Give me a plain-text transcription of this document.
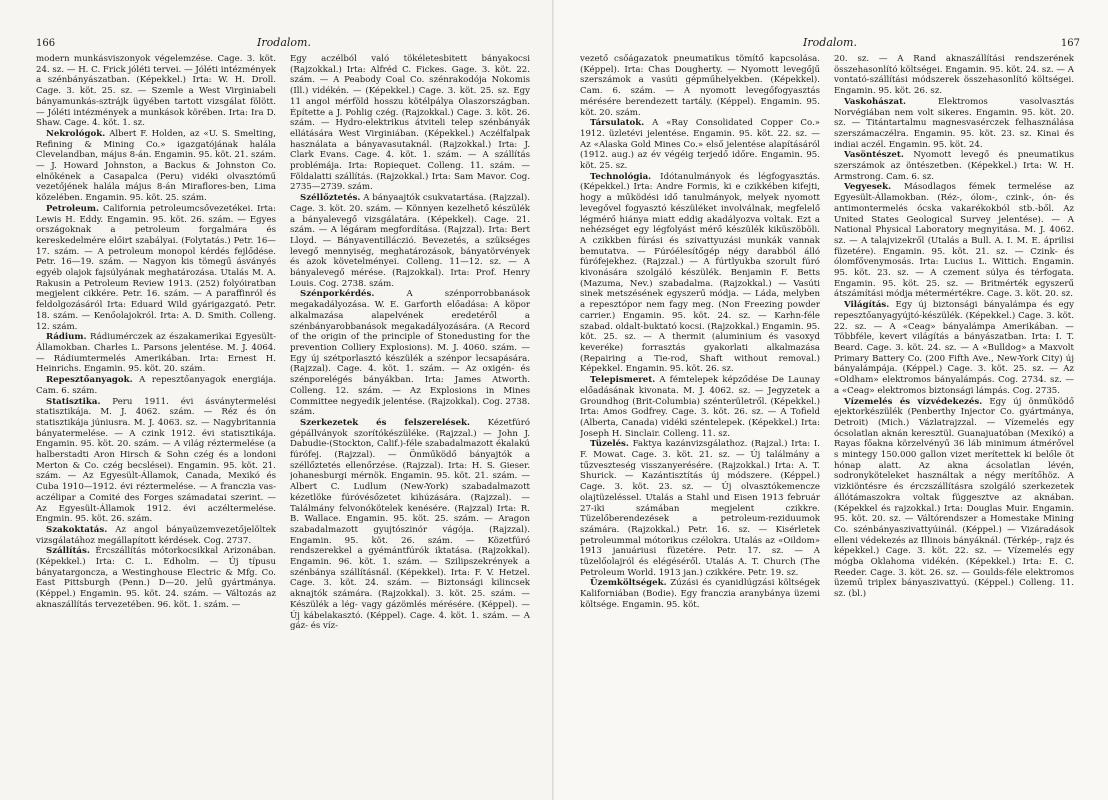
166	Irodalom.

modern munkásviszonyok végelemzése. Cage. 3. köt. 24. sz. — H. C. Frick jóléti tervei. — Jóléti intézmények a szénbányászatban. (Képekkel.) Irta: W. H. Droll. Cage. 3. köt. 25. sz. — Szemle a West Virginiabeli bányamunkás-sztrájk ügyében tartott vizsgálat fölött. — Jóléti intézmények a munkások körében. Irta: Ira D. Shaw. Cage. 4. köt. 1. sz.

Nekrológok. Albert F. Holden, az «U. S. Smelting, Refining & Mining Co.» igazgatójának halála Clevelandban, május 8-án. Engamin. 95. köt. 21. szám. — J. Howard Johnston, a Backus & Johnston Co. elnökének a Casapalca (Peru) vidéki olvasztómű vezetőjének halála május 8-án Miraflores-ben, Lima közelében. Engamin. 95. köt. 25. szám.

Petroleum. California petroleumcsővezetékei. Irta: Lewis H. Eddy. Engamin. 95. köt. 26. szám. — Egyes országoknak a petroleum forgalmára és kereskedelmére előirt szabályai. (Folytatás.) Petr. 16—17. szám. — A petroleum monopol kérdés fejlődése. Petr. 16—19. szám. — Nagyon kis tömegű ásványés egyéb olajok fajsúlyának meghatározása. Utalás M. A. Rakusin a Petroleum Review 1913. (252) folyóiratban megjelent cikkére. Petr. 16. szám. — A paraffinról és feldolgozásáról Irta: Eduard Wild gyárigazgató. Petr. 18. szám. — Kenőolajokról. Irta: A. D. Smith. Colleng. 12. szám.

Rádium. Rádiumérczek az északamerikai Egyesült-Államokban. Charles L. Parsons jelentése. M. J. 4064. — Rádiumtermelés Amerikában. Irta: Ernest H. Heinrichs. Engamin. 95. köt. 20. szám.

Repesztőanyagok. A repesztőanyagok energiája. Cam. 6. szám.

Statisztika. Peru 1911. évi ásványtermelési statisztikája. M. J. 4062. szám. — Réz és ón statisztikája júniusra. M. J. 4063. sz. — Nagybritannia bányatermelése. — A czink 1912. évi statisztikája. Engamin. 95. köt. 20. szám. — A világ réztermelése (a halberstadti Aron Hirsch & Sohn czég és a londoni Merton & Co. czég becslései). Engamin. 95. köt. 21. szám. — Az Egyesült-Államok, Canada, Mexikó és Cuba 1910—1912. évi réztermelése. — A franczia vas- aczélipar a Comité des Forges számadatai szerint. — Az Egyesült-Államok 1912. évi aczéltermelése. Engmin. 95. köt. 26. szám.

Szakoktatás. Az angol bányaüzemvezetőjelöltek vizsgálatához megállapított kérdések. Cog. 2737.

Szállítás. Ércszállítás mótorkocsikkal Arizonában. (Képekkel.) Irta: C. L. Edholm. — Új típusu bányatargoncza, a Westinghouse Electric & Mfg. Co. East Pittsburgh (Penn.) D—20. jelű gyártmánya. (Képpel.) Engamin. 95. köt. 24. szám. — Változás az aknaszállítás tervezetében. 96. köt. 1. szám. —

Egy aczélból való tökéletesbitett bányakocsi (Rajzokkal.) Irta: Alfréd C. Fickes. Gage. 3. köt. 22. szám. — A Peabody Coal Co. szénrakodója Nokomis (Ill.) vidékén. — (Képekkel.) Cage. 3. köt. 25. sz. Egy 11 angol mérföld hosszu kötélpálya Olaszországban. Építette a J. Pohlig czég. (Rajzokkal.) Cage. 3. köt. 26. szám. — Hydro-elektrikus átviteli telep szénbányák ellátására West Virginiában. (Képekkel.) Aczélfalpak használata a bányavasutaknál. (Rajzokkal.) Irta: J. Clark Evans. Cage. 4. köt. 1. szám. — A szállítás problémája. Irta: Ropiequet. Colleng. 11. szám. — Földalatti szállítás. (Rajzokkal.) Irta: Sam Mavor. Cog. 2735—2739. szám.

Széllőztetés. A bányaajtók csukvatartása. (Rajzzal). Cage. 3. köt. 20. szám. — Könnyen kezelhető készülék a bányalevegő vizsgálatára. (Képekkel). Cage. 21. szám. — A légáram megfordítása. (Rajzzal). Irta: Bert Lloyd. — Bányaventilláczió. Bevezetés, a szükséges levegő mennyiség, meghatározások, bányatörvények és azok követelményei. Colleng. 11—12. sz. — A bányalevegő mérése. (Rajzokkal). Irta: Prof. Henry Louis. Cog. 2738. szám.

Szénporkérdés.	A szénporrobbanások megakadályozása. W. E. Garforth előadása: A köpor alkalmazása alapelvének eredetéről a szénbányarobbanások megakadályozására. (A Record of the origin of the principle of Stonedusting for the prevention Colliery Explosions). M. J. 4060. szám. — Egy új szétporlasztó készülék a szénpor lecsapására. (Rajzzal). Cage. 4. köt. 1. szám. — Az oxigén- és szénporelégés bányákban. Irta: James Atworth. Colleng. 12. szám. — Az Explosions in Mines Committee negyedik jelentése. (Rajzokkal). Cog. 2738. szám.

Szerkezetek és felszerelések. Kézetfúró gépállványok szorítókészüléke. (Rajzzal.) — John J. Dabudie-(Stockton, Calif.)-féle szabadalmazott ékalakú fúrófej. (Rajzzal). — Önműködő bányajtók a széllőztetés ellenőrzése. (Rajzzal). Irta: H. S. Gieser. johanesburgi mérnök. Engamin. 95. köt. 21. szám. — Albert C. Ludlum (New-York) szabadalmazott kézetlöke fúróvésőzetet kihúzására. (Rajzzal). — Találmány felvonókötelek kenésére. (Rajzzal) Irta: R. B. Wallace. Engamin. 95. köt. 25. szám. — Aragon szabadalmazott gyujtószinór vágója. (Rajzzal). Engamin. 95. köt. 26. szám. — Közetfúró rendszerekkel a gyémántfúrók iktatása. (Rajzokkal). Engamin. 96. köt. 1. szám. — Szilipszekrények a szénbánya szállításnál. (Képekkel). Irta: F. V. Hetzel. Cage. 3. köt. 24. szám. — Biztonsági kilincsek aknajtók számára. (Rajzokkal). 3. köt. 25. szám. — Készülék a lég- vagy gázömlés mérésére. (Képpel). — Új kábelakasztó. (Képpel). Cage. 4. köt. 1. szám. — A gáz- és víz-

Irodalom.	167

vezető csőágazatok pneumatikus tömítő kapcsolása. (Képpel). Irta: Chas Dougherty. — Nyomott levegőjű szerszámok a vasúti gépműhelyekben. (Képekkel). Cam. 6. szám. — A nyomott levegőfogyasztás mérésére berendezett tartály. (Képpel). Engamin. 95. köt. 20. szám.

Társulatok. A «Ray Consolidated Copper Co.» 1912. üzletévi jelentése. Engamin. 95. köt. 22. sz. — Az «Alaska Gold Mines Co.» első jelentése alapításáról (1912. aug.) az év végéig terjedő időre. Engamin. 95. köt. 25. sz.

Technológia. Idótanulmányok és légfogyasztás. (Képekkel.) Irta: Andre Formis, ki e czikkében kifejti, hogy a működési idő tanulmányok, melyek nyomott levegővel fogyasztó készüléket involválnak, megfelelő légmérő hiánya miatt eddig akadályozva voltak. Ezt a nehézséget egy légfolyást mérő készülék kiküszöböli. A czikkben fúrási és szivattyuzási munkák vannak bemutatva. — Fúróélesítőgép négy darabból álló fúrófejekhez. (Rajzzal.) — A fúrtlyukba szorult fúró kivonására szolgáló készülék. Benjamin F. Betts (Mazuma, Nev.) szabadalma. (Rajzokkal.) — Vasúti sinek metszésének egyszerű módja. — Láda, melyben a repesztópor nem fagy meg. (Non Freezing powder carrier.) Engamin. 95. köt. 24. sz. — Karhn-féle szabad. oldalt-buktató kocsi. (Rajzokkal.) Engamin. 95. köt. 25. sz. — A thermit (aluminium és vasoxyd keveréke) forrasztás gyakorlati alkalmazása (Repairing a Tie-rod, Shaft without removal.) Képekkel. Engamin. 95. köt. 26. sz.

Telepismeret. A fémtelepek képződése De Launay előadásának kivonata. M. J. 4062. sz. — Jegyzetek a Groundhog (Brit-Columbia) szénterületről. (Képekkel.) Irta: Amos Godfrey. Cage. 3. köt. 26. sz. — A Tofield (Alberta, Canada) vidéki széntelepek. (Képekkel.) Irta: Joseph H. Sinclair. Colleng. 11. sz.

Tüzelés. Faktya kazánvizsgálathoz. (Rajzal.) Irta: I. F. Mowat. Cage. 3. köt. 21. sz. — Új találmány a tűzveszteség visszanyerésére. (Rajzokkal.) Irta: A. T. Shurick. — Kazántisztítás új módszere. (Képpel.) Cage. 3. köt. 23. sz. — Új olvasztókemencze olajtüzeléssel. Utalás a Stahl und Eisen 1913 február 27-iki számában megjelent czikkre. Tüzelőberendezések a petroleum-reziduumok számára. (Rajzokkal.) Petr. 16. sz. — Kisérletek petroleummal mótorikus czélokra. Utalás az «Oildom» 1913 januáriusi füzetére. Petr. 17. sz. — A tüzelőolajról és elégéséről. Utalás A. T. Church (The Petroleum World. 1913 jan.) czikkére. Petr. 19. sz.

Üzemköltségek. Zúzási és cyanidlúgzási költségek Kaliforniában (Bodie). Egy franczia aranybánya üzemi költsége. Engamin. 95. köt.

20. sz. — A Rand aknaszállítási rendszerének összehasonlító költségei. Engamin. 95. köt. 24. sz. — A vontató-szállítási módszerek összehasonlító költségei. Engamin. 95. köt. 26. sz.

Vaskohászat.	Elektromos vasolvasztás Norvégiában nem volt sikeres. Engamin. 95. köt. 20. sz. — Titántartalmu magnesvasérczek felhasználása szerszámaczélra. Engamin. 95. köt. 23. sz. Kinai és indiai aczél. Engamin. 95. köt. 24.

Vasöntészet. Nyomott levegő és pneumatikus szerszámok az öntészetben. (Képekkel.) Irta: W. H. Armstrong. Cam. 6. sz.

Vegyesek. Másodlagos fémek termelése az Egyesült-Államokban. (Réz-, ólom-, czink-, ón- és antimontermelés ócska vakarékokból stb.-ből. Az United States Geological Survey jelentése). — A National Physical Laboratory megnyitása. M. J. 4062. sz. — A talajvizekről (Utalás a Bull. A. I. M. E. áprilisi füzetére). Engamin. 95. köt. 21. sz. — Czink- és ólomfővenymosás. Irta: Lucius L. Wittich. Engamin. 95. köt. 23. sz. — A czement súlya és térfogata. Engamin. 95. köt. 25. sz. — Britmérték egyszerű átszámítási módja métermértékre. Cage. 3. köt. 20. sz.

Világítás. Egy új biztonsági bányalámpa és egy repesztőanyagyújtó-készülék. (Képekkel.) Cage. 3. köt. 22. sz. — A «Ceag» bányalámpa Amerikában. — Többféle, kevert világítás a bányászatban. Irta: I. T. Beard. Cage. 3. köt. 24. sz. — A «Bulldog» a Maxvolt Primary Battery Co. (200 Fifth Ave., New-York City) új bányalámpája. (Képpel.) Cage. 3. köt. 25. sz. — Az «Oldham» elektromos bányalámpás. Cog. 2734. sz. — a «Ceag» elektromos biztonsági lámpás. Cog. 2735.

Vízemelés és vízvédekezés. Egy új önműködő ejektorkészülék (Penberthy Injector Co. gyártmánya, Detroit) (Mich.) Vázlatrajzzal. — Vízemelés egy ócsolatlan aknán keresztül. Guanajuatóban (Mexikó) a Rayas főakna körzelvényű 36 láb minimum átmérővel s mintegy 150.000 gallon vizet merítettek ki belőle öt hónap alatt. Az akna ácsolatlan lévén, sodronyköteleket használtak a négy merítőhöz. A vizkiöntésre és érczszállításra szolgáló szerkezetek állótámaszokra voltak függesztve az aknában. (Képekkel és rajzokkal.) Irta: Douglas Muir. Engamin. 95. köt. 20. sz. — Váltórendszer a Homestake Mining Co. szénbányaszivattyúinál. (Képpel.) — Vizáradások elleni védekezés az Illinois bányáknál. (Térkép-, rajz és képekkel.) Cage. 3. köt. 22. sz. — Vízemelés egy mógba Oklahoma vidékén. (Képekkel.) Irta: E. C. Reeder. Cage. 3. köt. 26. sz. — Goulds-féle elektromos üzemű triplex bányaszivattyú. (Képpel.) Colleng. 11. sz. (bl.)
